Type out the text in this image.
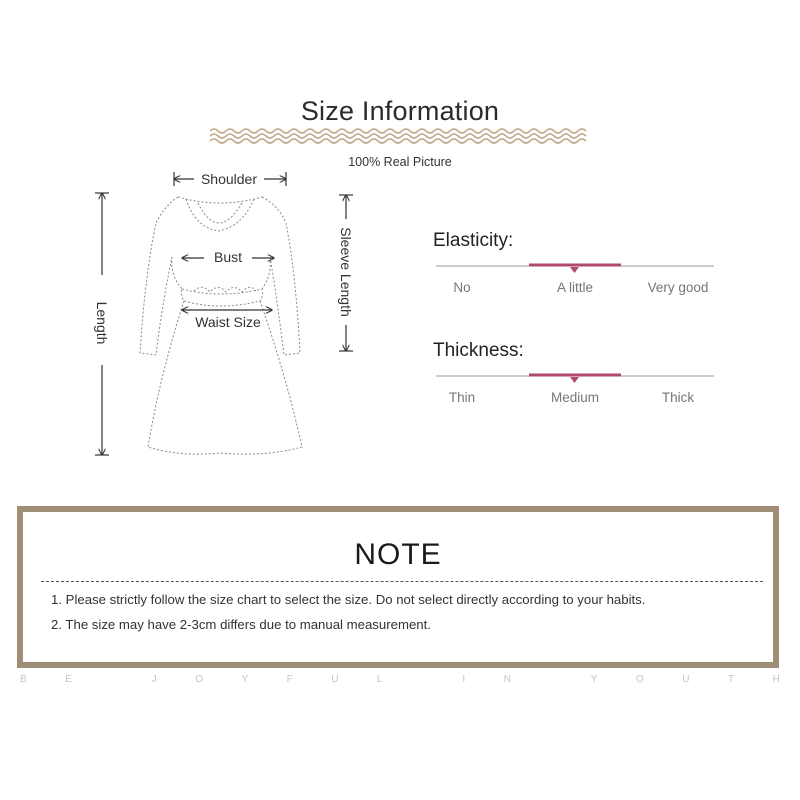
Size Information
100% Real Picture
Shoulder
Bust
Waist Size
Length
Sleeve Length	Elasticity:
No	A little	Very good
Thickness:
Thin	Medium	Thick
NOTE
1. Please strictly follow the size chart to select the size. Do not select directly according to your habits.
2. The size may have 2-3cm differs due to manual measurement.
B	E
	J	O	Y	F	U	L
	I	N
	Y	O	U	T	H
